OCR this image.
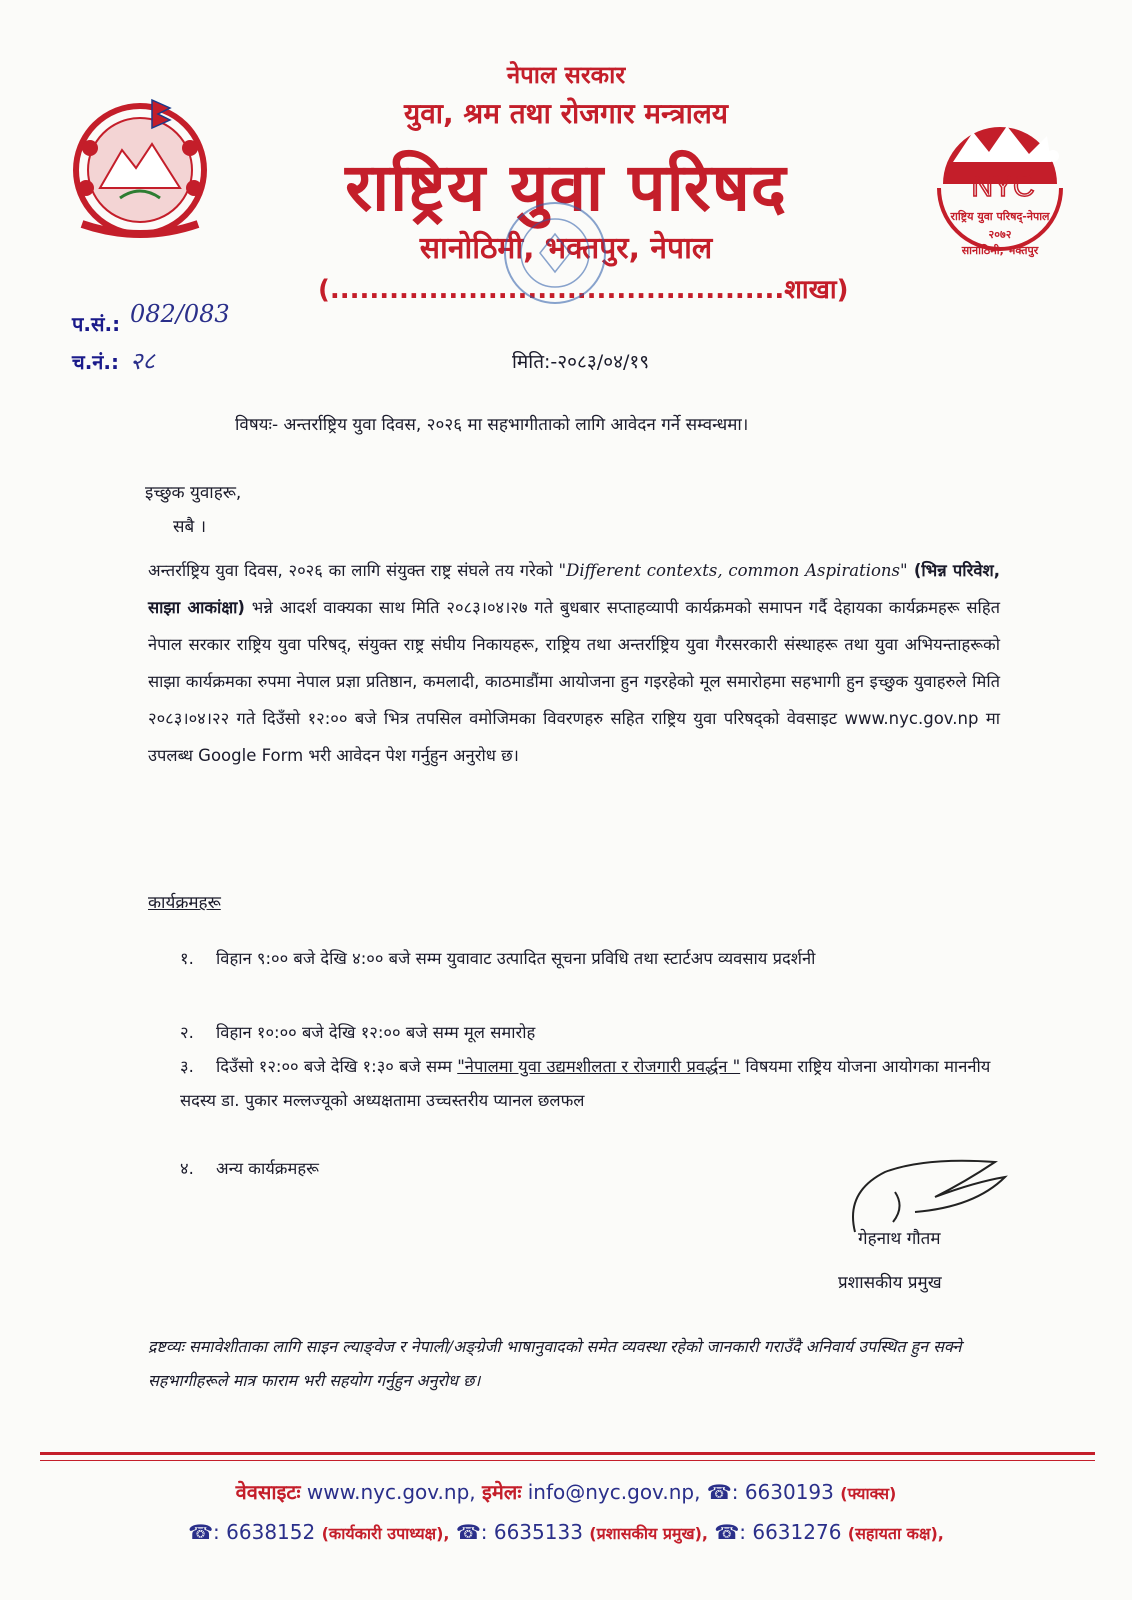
नेपाल सरकार
युवा, श्रम तथा रोजगार मन्त्रालय
राष्ट्रिय युवा परिषद
सानोठिमी, भक्तपुर, नेपाल
(..............................................शाखा)
NYC
राष्ट्रिय युवा परिषद्-नेपाल
२०७२
सानोठिमी, भक्तपुर
प.सं.: 082/083
च.नं.: २८	मिति:-२०८३/०४/१९
विषयः- अन्तर्राष्ट्रिय युवा दिवस, २०२६ मा सहभागीताको लागि आवेदन गर्ने सम्वन्धमा।
इच्छुक युवाहरू,
सबै ।
अन्तर्राष्ट्रिय युवा दिवस, २०२६ का लागि संयुक्त राष्ट्र संघले तय गरेको "Different contexts, common Aspirations" (भिन्न परिवेश, साझा आकांक्षा) भन्ने आदर्श वाक्यका साथ मिति २०८३।०४।२७ गते बुधबार सप्ताहव्यापी कार्यक्रमको समापन गर्दै देहायका कार्यक्रमहरू सहित नेपाल सरकार राष्ट्रिय युवा परिषद्, संयुक्त राष्ट्र संघीय निकायहरू, राष्ट्रिय तथा अन्तर्राष्ट्रिय युवा गैरसरकारी संस्थाहरू तथा युवा अभियन्ताहरूको साझा कार्यक्रमका रुपमा नेपाल प्रज्ञा प्रतिष्ठान, कमलादी, काठमाडौंमा आयोजना हुन गइरहेको मूल समारोहमा सहभागी हुन इच्छुक युवाहरुले मिति २०८३।०४।२२ गते दिउँसो १२:०० बजे भित्र तपसिल वमोजिमका विवरणहरु सहित राष्ट्रिय युवा परिषद्को वेवसाइट www.nyc.gov.np मा उपलब्ध Google Form भरी आवेदन पेश गर्नुहुन अनुरोध छ।
कार्यक्रमहरू
१. विहान ९:०० बजे देखि ४:०० बजे सम्म युवावाट उत्पादित सूचना प्रविधि तथा स्टार्टअप व्यवसाय प्रदर्शनी
२. विहान १०:०० बजे देखि १२:०० बजे सम्म मूल समारोह
३. दिउँसो १२:०० बजे देखि १:३० बजे सम्म "नेपालमा युवा उद्यमशीलता र रोजगारी प्रवर्द्धन " विषयमा राष्ट्रिय योजना आयोगका माननीय सदस्य डा. पुकार मल्लज्यूको अध्यक्षतामा उच्चस्तरीय प्यानल छलफल
४. अन्य कार्यक्रमहरू
गेहनाथ गौतम
प्रशासकीय प्रमुख
द्रष्टव्यः समावेशीताका लागि साइन ल्याङ्वेज र नेपाली/अङ्ग्रेजी भाषानुवादको समेत व्यवस्था रहेको जानकारी गराउँदै अनिवार्य उपस्थित हुन सक्ने सहभागीहरूले मात्र फाराम भरी सहयोग गर्नुहुन अनुरोध छ।
वेवसाइटः www.nyc.gov.np, इमेलः info@nyc.gov.np, ☎: 6630193 (फ्याक्स)
☎: 6638152 (कार्यकारी उपाध्यक्ष), ☎: 6635133 (प्रशासकीय प्रमुख), ☎: 6631276 (सहायता कक्ष),
